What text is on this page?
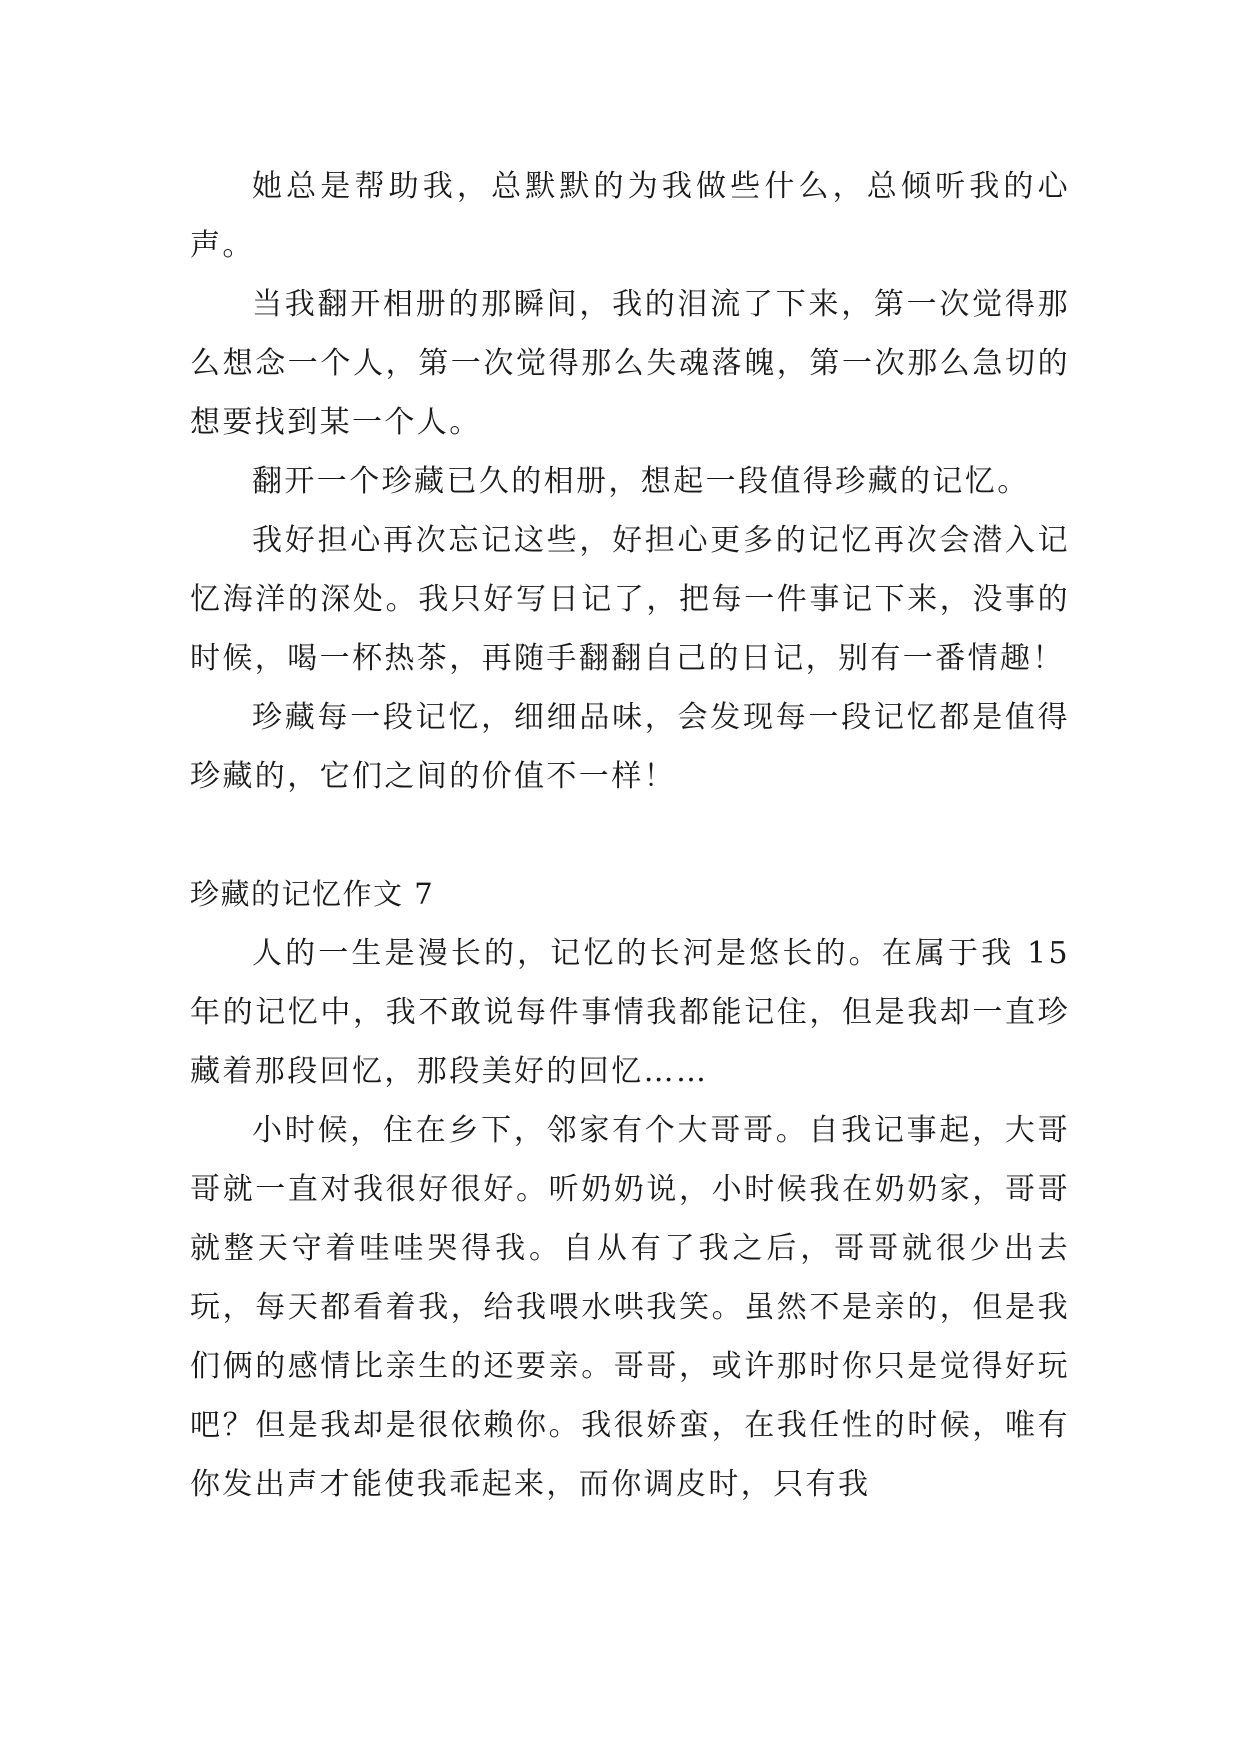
她总是帮助我，总默默的为我做些什么，总倾听我的心声。

当我翻开相册的那瞬间，我的泪流了下来，第一次觉得那么想念一个人，第一次觉得那么失魂落魄，第一次那么急切的想要找到某一个人。

翻开一个珍藏已久的相册，想起一段值得珍藏的记忆。

我好担心再次忘记这些，好担心更多的记忆再次会潜入记忆海洋的深处。我只好写日记了，把每一件事记下来，没事的时候，喝一杯热茶，再随手翻翻自己的日记，别有一番情趣！

珍藏每一段记忆，细细品味，会发现每一段记忆都是值得珍藏的，它们之间的价值不一样！

珍藏的记忆作文 7

人的一生是漫长的，记忆的长河是悠长的。在属于我 15 年的记忆中，我不敢说每件事情我都能记住，但是我却一直珍藏着那段回忆，那段美好的回忆……

小时候，住在乡下，邻家有个大哥哥。自我记事起，大哥哥就一直对我很好很好。听奶奶说，小时候我在奶奶家，哥哥就整天守着哇哇哭得我。自从有了我之后，哥哥就很少出去玩，每天都看着我，给我喂水哄我笑。虽然不是亲的，但是我们俩的感情比亲生的还要亲。哥哥，或许那时你只是觉得好玩吧？但是我却是很依赖你。我很娇蛮，在我任性的时候，唯有你发出声才能使我乖起来，而你调皮时，只有我
